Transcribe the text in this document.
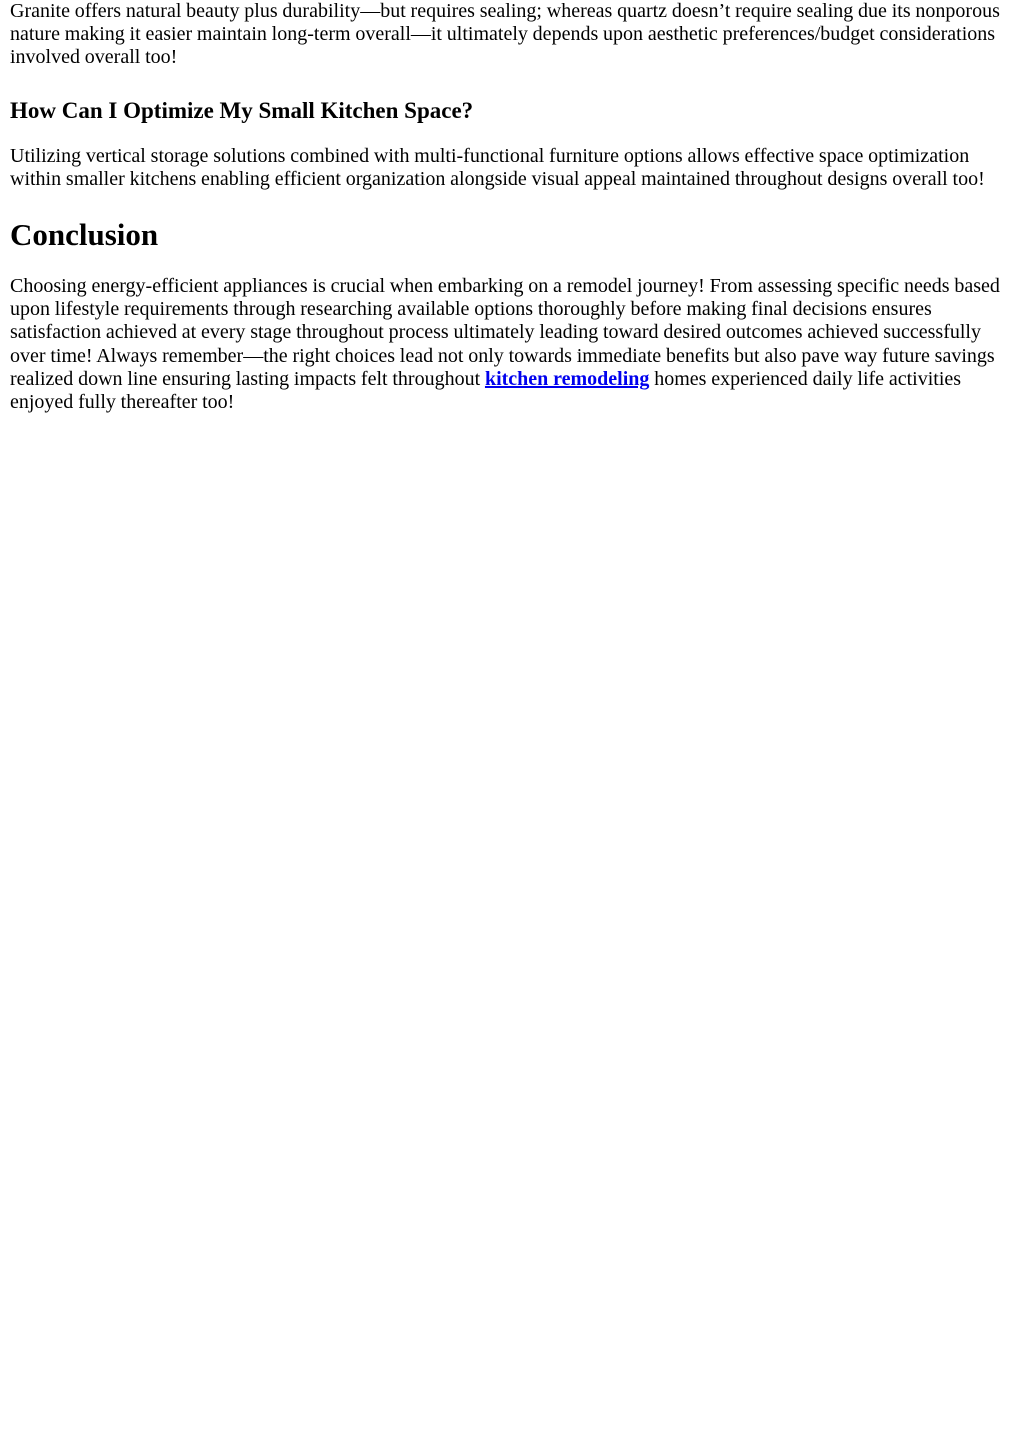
Granite offers natural beauty plus durability—but requires sealing; whereas quartz doesn’t require sealing due its nonporous nature making it easier maintain long-term overall—it ultimately depends upon aesthetic preferences/budget considerations involved overall too!

How Can I Optimize My Small Kitchen Space?

Utilizing vertical storage solutions combined with multi-functional furniture options allows effective space optimization within smaller kitchens enabling efficient organization alongside visual appeal maintained throughout designs overall too!

Conclusion

Choosing energy-efficient appliances is crucial when embarking on a remodel journey! From assessing specific needs based upon lifestyle requirements through researching available options thoroughly before making final decisions ensures satisfaction achieved at every stage throughout process ultimately leading toward desired outcomes achieved successfully over time! Always remember—the right choices lead not only towards immediate benefits but also pave way future savings realized down line ensuring lasting impacts felt throughout kitchen remodeling homes experienced daily life activities enjoyed fully thereafter too!
